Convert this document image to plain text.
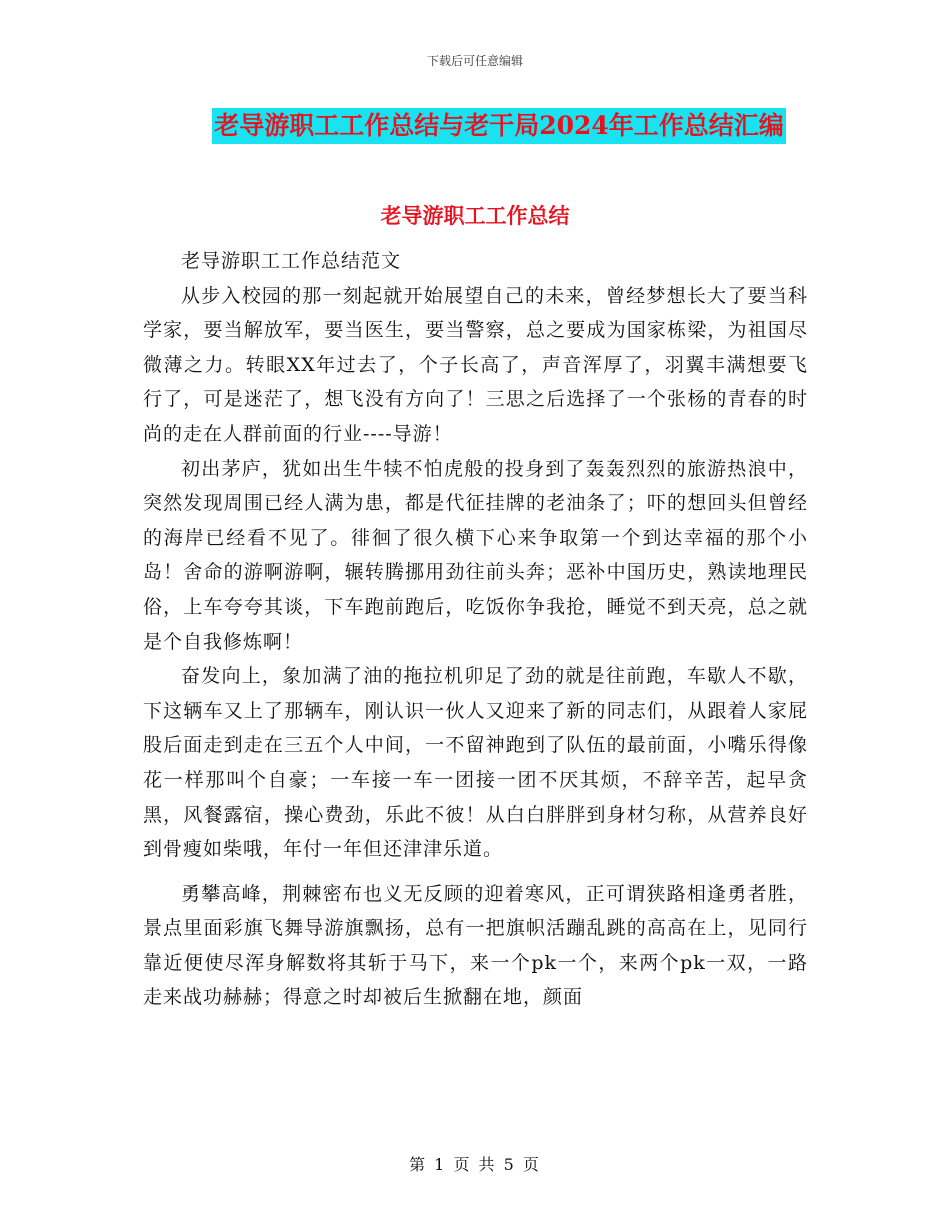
下载后可任意编辑
老导游职工工作总结与老干局2024年工作总结汇编
老导游职工工作总结

老导游职工工作总结范文

从步入校园的那一刻起就开始展望自己的未来，曾经梦想长大了要当科学家，要当解放军，要当医生，要当警察，总之要成为国家栋梁，为祖国尽微薄之力。转眼XX年过去了，个子长高了，声音浑厚了，羽翼丰满想要飞行了，可是迷茫了，想飞没有方向了！三思之后选择了一个张杨的青春的时尚的走在人群前面的行业----导游！

初出茅庐，犹如出生牛犊不怕虎般的投身到了轰轰烈烈的旅游热浪中，突然发现周围已经人满为患，都是代征挂牌的老油条了；吓的想回头但曾经的海岸已经看不见了。徘徊了很久横下心来争取第一个到达幸福的那个小岛！舍命的游啊游啊，辗转腾挪用劲往前头奔；恶补中国历史，熟读地理民俗，上车夸夸其谈，下车跑前跑后，吃饭你争我抢，睡觉不到天亮，总之就是个自我修炼啊！

奋发向上，象加满了油的拖拉机卯足了劲的就是往前跑，车歇人不歇，下这辆车又上了那辆车，刚认识一伙人又迎来了新的同志们，从跟着人家屁股后面走到走在三五个人中间，一不留神跑到了队伍的最前面，小嘴乐得像花一样那叫个自豪；一车接一车一团接一团不厌其烦，不辞辛苦，起早贪黑，风餐露宿，操心费劲，乐此不彼！从白白胖胖到身材匀称，从营养良好到骨瘦如柴哦，年付一年但还津津乐道。

勇攀高峰，荆棘密布也义无反顾的迎着寒风，正可谓狭路相逢勇者胜，景点里面彩旗飞舞导游旗飘扬，总有一把旗帜活蹦乱跳的高高在上，见同行靠近便使尽浑身解数将其斩于马下，来一个pk一个，来两个pk一双，一路走来战功赫赫；得意之时却被后生掀翻在地，颜面

第 1 页 共 5 页
